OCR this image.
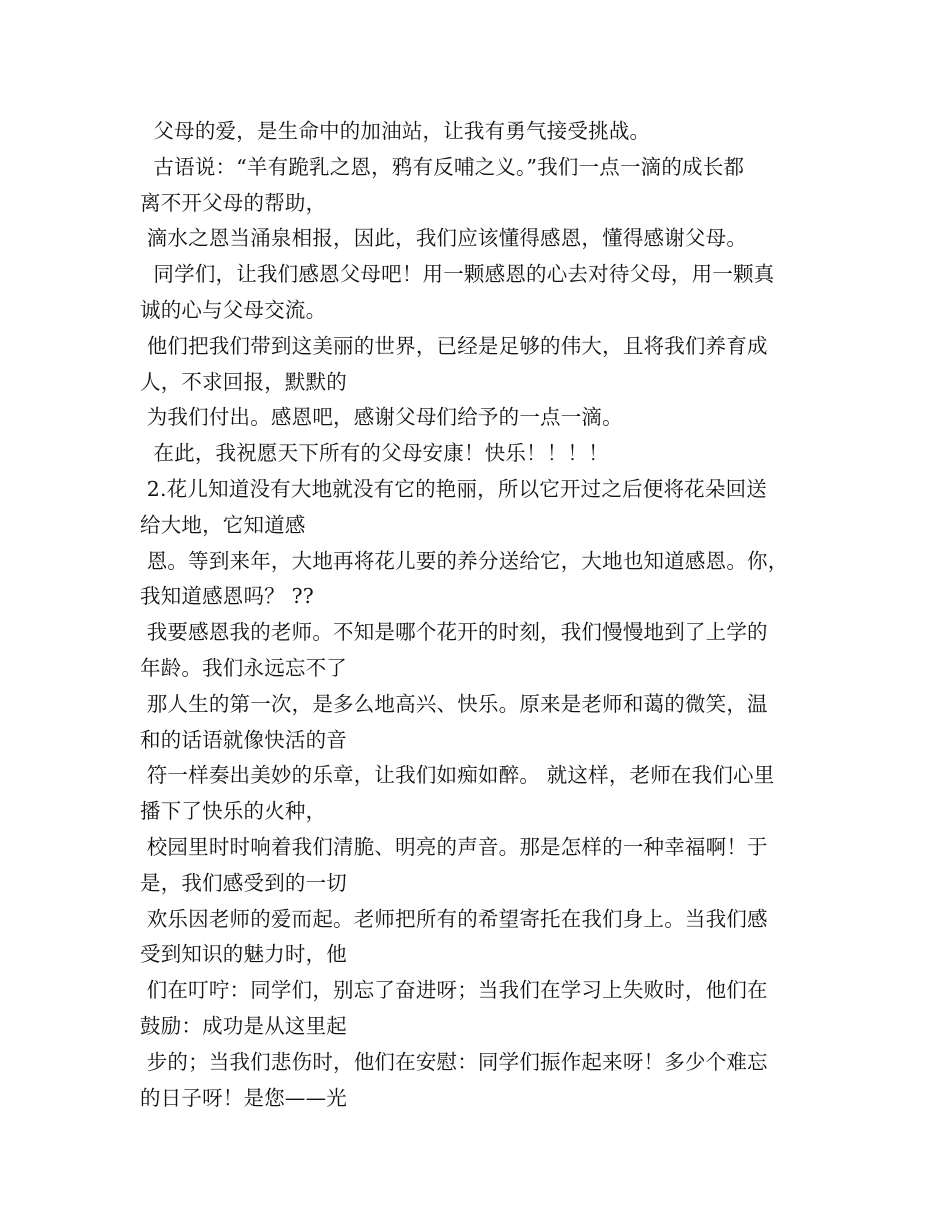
父母的爱，是生命中的加油站，让我有勇气接受挑战。
古语说：“羊有跪乳之恩，鸦有反哺之义。”我们一点一滴的成长都
离不开父母的帮助，
滴水之恩当涌泉相报，因此，我们应该懂得感恩，懂得感谢父母。
同学们，让我们感恩父母吧！用一颗感恩的心去对待父母，用一颗真
诚的心与父母交流。
他们把我们带到这美丽的世界，已经是足够的伟大，且将我们养育成
人，不求回报，默默的
为我们付出。感恩吧，感谢父母们给予的一点一滴。
在此，我祝愿天下所有的父母安康！快乐！！！！
2.花儿知道没有大地就没有它的艳丽，所以它开过之后便将花朵回送
给大地，它知道感
恩。等到来年，大地再将花儿要的养分送给它，大地也知道感恩。你，
我知道感恩吗？ ??
我要感恩我的老师。不知是哪个花开的时刻，我们慢慢地到了上学的
年龄。我们永远忘不了
那人生的第一次，是多么地高兴、快乐。原来是老师和蔼的微笑，温
和的话语就像快活的音
符一样奏出美妙的乐章，让我们如痴如醉。 就这样，老师在我们心里
播下了快乐的火种，
校园里时时响着我们清脆、明亮的声音。那是怎样的一种幸福啊！于
是，我们感受到的一切
欢乐因老师的爱而起。老师把所有的希望寄托在我们身上。当我们感
受到知识的魅力时，他
们在叮咛：同学们，别忘了奋进呀；当我们在学习上失败时，他们在
鼓励：成功是从这里起
步的；当我们悲伤时，他们在安慰：同学们振作起来呀！多少个难忘
的日子呀！是您——光
